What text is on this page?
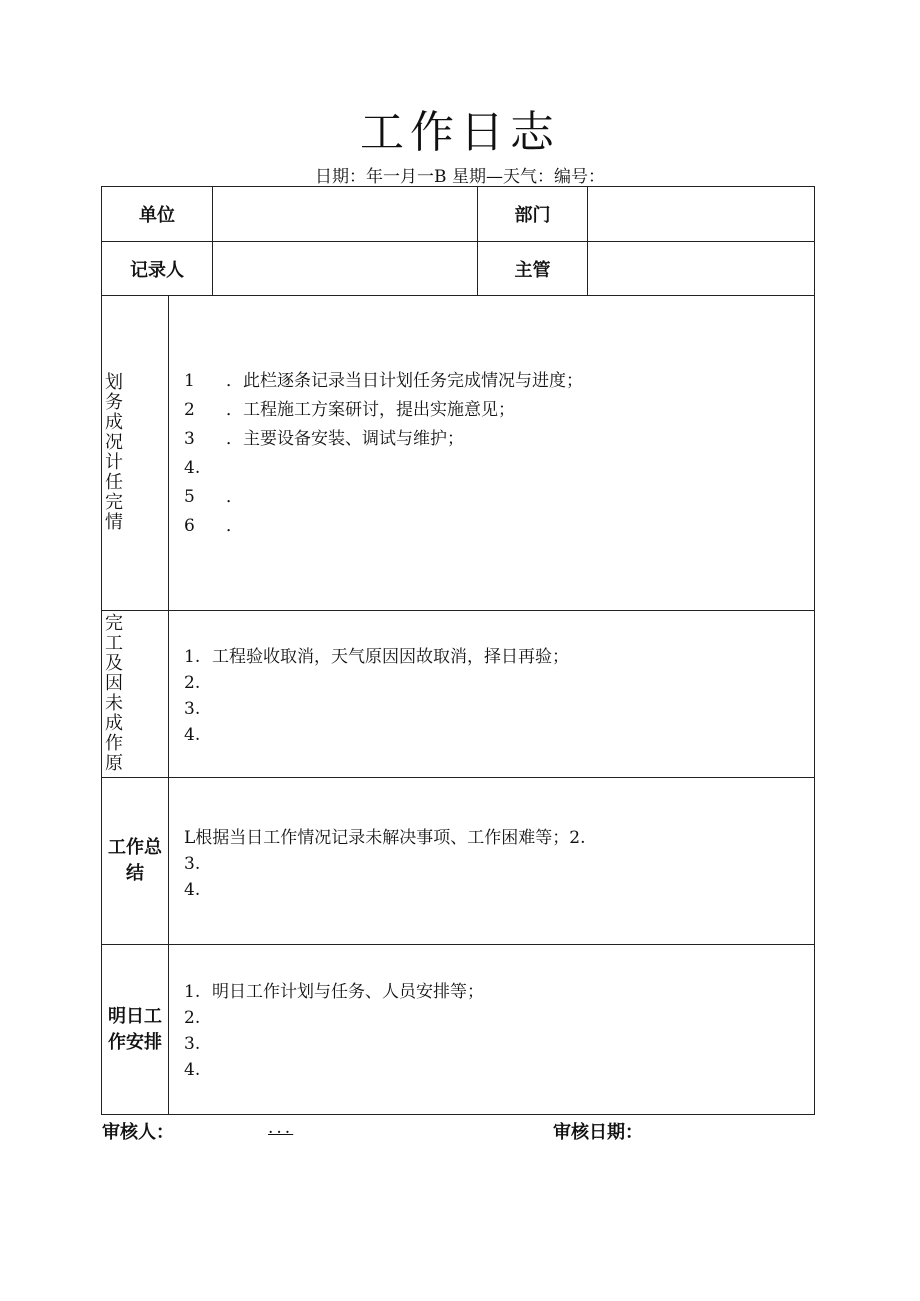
工作日志
日期：年一月一B 星期—天气：编号：
单位	部门
记录人	主管
划务成况计任完情
1 ．此栏逐条记录当日计划任务完成情况与进度；
2 ．工程施工方案研讨，提出实施意见；
3 ．主要设备安装、调试与维护；
4.
5 ．
6 ．
完工及因未成作原
1. 工程验收取消，天气原因因故取消，择日再验；
2.
3.
4.
工作总结
L根据当日工作情况记录未解决事项、工作困难等；2.
3.
4.
明日工作安排
1. 明日工作计划与任务、人员安排等；
2.
3.
4.
审核人：	...	审核日期：
